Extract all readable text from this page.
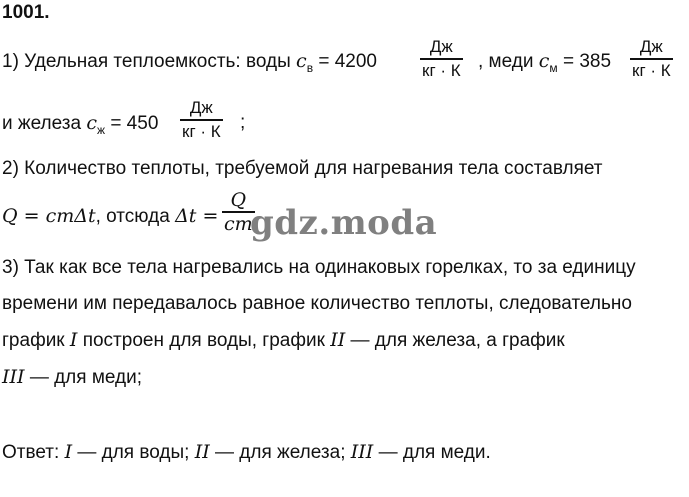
1001.
1) Удельная теплоемкость: воды $c_в = 4200$
Дж
кг · К , меди $c_м = 385$
Дж
кг · К
и железа $c_ж = 450$
Дж
кг · К ;
2) Количество теплоты, требуемой для нагревания тела составляет
Q = cmΔt, отсюда Δt =
Q
cm
gdz.moda
3) Так как все тела нагревались на одинаковых горелках, то за единицу
времени им передавалось равное количество теплоты, следовательно
график I построен для воды, график II — для железа, а график
III — для меди;
Ответ: I — для воды; II — для железа; III — для меди.
